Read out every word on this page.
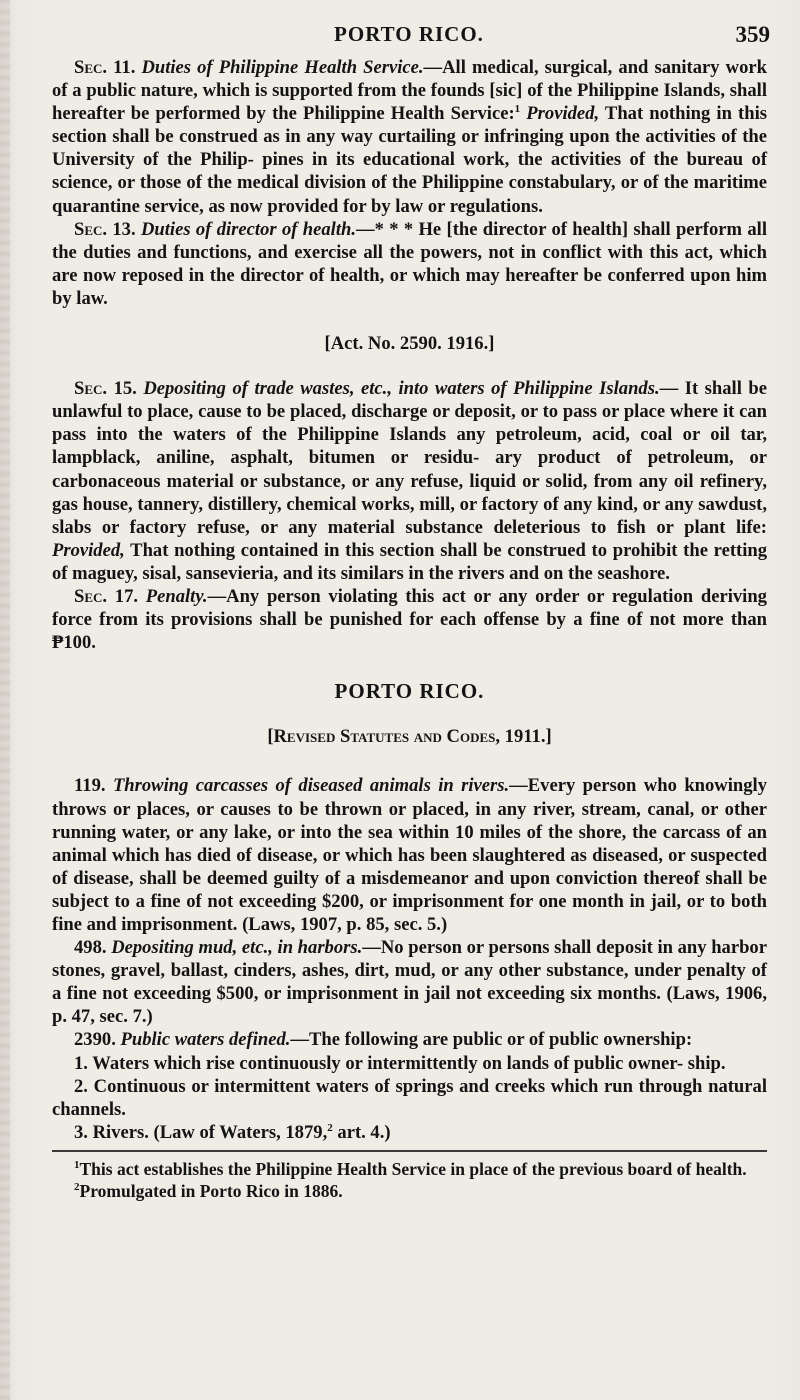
PORTO RICO.	359

Sec. 11. Duties of Philippine Health Service.—All medical, surgical, and sanitary work of a public nature, which is supported from the founds [sic] of the Philippine Islands, shall hereafter be performed by the Philippine Health Service:$^1$ Provided, That nothing in this section shall be construed as in any way curtailing or infringing upon the activities of the University of the Philip- pines in its educational work, the activities of the bureau of science, or those of the medical division of the Philippine constabulary, or of the maritime quarantine service, as now provided for by law or regulations.

Sec. 13. Duties of director of health.—* * * He [the director of health] shall perform all the duties and functions, and exercise all the powers, not in conflict with this act, which are now reposed in the director of health, or which may hereafter be conferred upon him by law.

[Act. No. 2590. 1916.]

Sec. 15. Depositing of trade wastes, etc., into waters of Philippine Islands.— It shall be unlawful to place, cause to be placed, discharge or deposit, or to pass or place where it can pass into the waters of the Philippine Islands any petroleum, acid, coal or oil tar, lampblack, aniline, asphalt, bitumen or residu- ary product of petroleum, or carbonaceous material or substance, or any refuse, liquid or solid, from any oil refinery, gas house, tannery, distillery, chemical works, mill, or factory of any kind, or any sawdust, slabs or factory refuse, or any material substance deleterious to fish or plant life: Provided, That nothing contained in this section shall be construed to prohibit the retting of maguey, sisal, sansevieria, and its similars in the rivers and on the seashore.

Sec. 17. Penalty.—Any person violating this act or any order or regulation deriving force from its provisions shall be punished for each offense by a fine of not more than ₱100.

PORTO RICO.

[Revised Statutes and Codes, 1911.]

119. Throwing carcasses of diseased animals in rivers.—Every person who knowingly throws or places, or causes to be thrown or placed, in any river, stream, canal, or other running water, or any lake, or into the sea within 10 miles of the shore, the carcass of an animal which has died of disease, or which has been slaughtered as diseased, or suspected of disease, shall be deemed guilty of a misdemeanor and upon conviction thereof shall be subject to a fine of not exceeding $200, or imprisonment for one month in jail, or to both fine and imprisonment. (Laws, 1907, p. 85, sec. 5.)

498. Depositing mud, etc., in harbors.—No person or persons shall deposit in any harbor stones, gravel, ballast, cinders, ashes, dirt, mud, or any other substance, under penalty of a fine not exceeding $500, or imprisonment in jail not exceeding six months. (Laws, 1906, p. 47, sec. 7.)

2390. Public waters defined.—The following are public or of public ownership:

1. Waters which rise continuously or intermittently on lands of public owner- ship.

2. Continuous or intermittent waters of springs and creeks which run through natural channels.

3. Rivers. (Law of Waters, 1879,$^2$ art. 4.)

$^1$This act establishes the Philippine Health Service in place of the previous board of health.

$^2$Promulgated in Porto Rico in 1886.
